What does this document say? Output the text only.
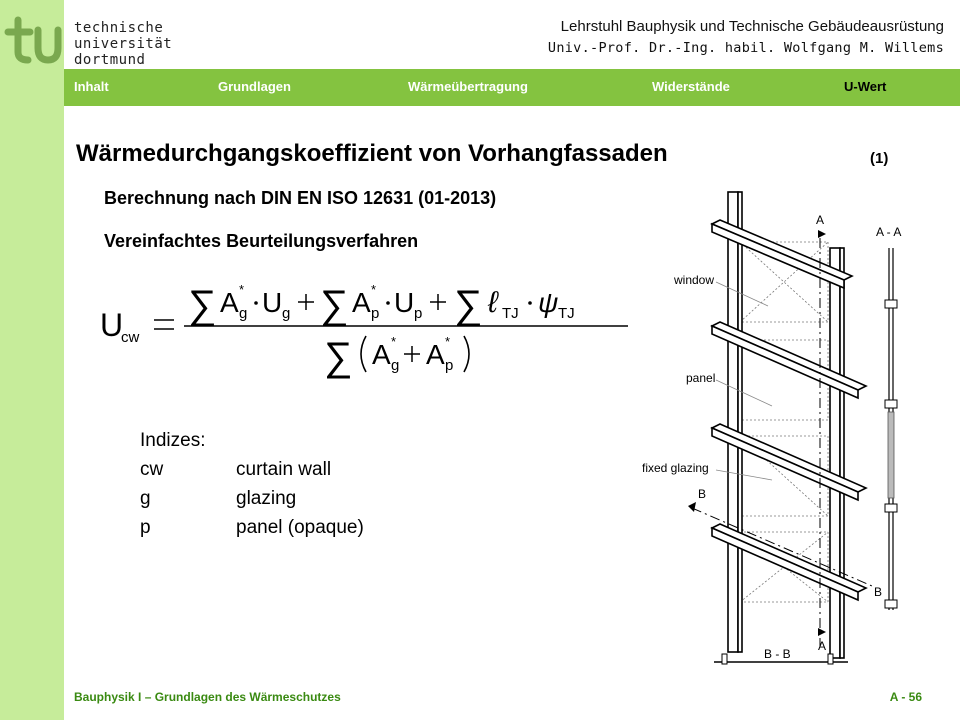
technische
universität
dortmund
Lehrstuhl Bauphysik und Technische Gebäudeausrüstung
Univ.-Prof. Dr.-Ing. habil. Wolfgang M. Willems
Inhalt	Grundlagen	Wärmeübertragung	Widerstände	U-Wert
Wärmedurchgangskoeffizient von Vorhangfassaden	(1)
Berechnung nach DIN EN ISO 12631 (01-2013)
Vereinfachtes Beurteilungsverfahren
U
cw
∑ A *
g U g ∑ A *
p U p ∑ ℓ TJ ψ TJ
∑ A *
g A *
p
Indizes:
cw	curtain wall
g	glazing
p	panel (opaque)
A
A
B
B
A - A
B - B
window
panel
fixed glazing
Bauphysik I – Grundlagen des Wärmeschutzes	A - 56
